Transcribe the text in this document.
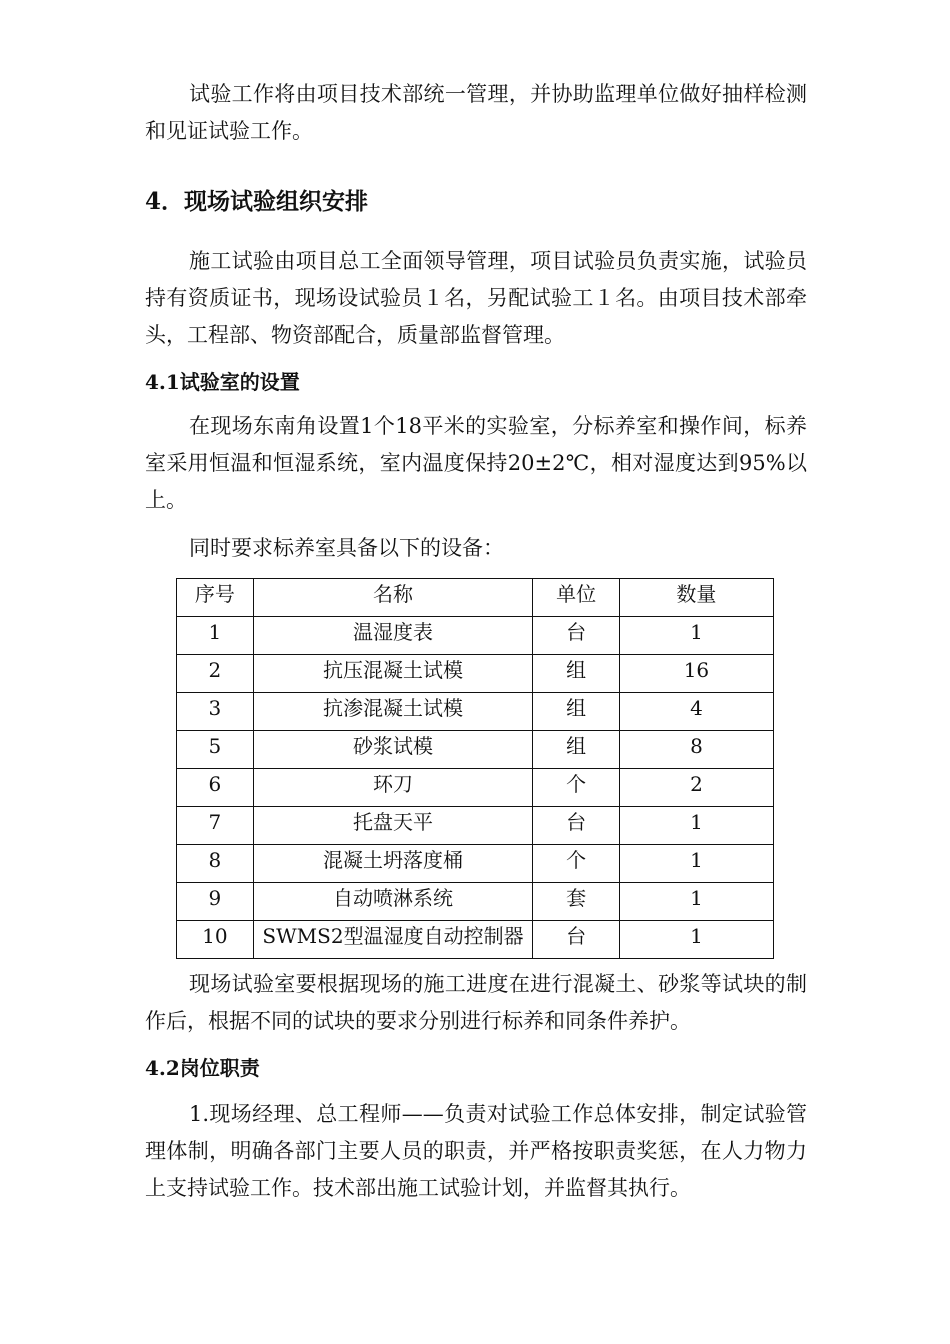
试验工作将由项目技术部统一管理，并协助监理单位做好抽样检测和见证试验工作。

4．现场试验组织安排

施工试验由项目总工全面领导管理，项目试验员负责实施，试验员持有资质证书，现场设试验员１名，另配试验工１名。由项目技术部牵头，工程部、物资部配合，质量部监督管理。

4.1试验室的设置

在现场东南角设置1个18平米的实验室，分标养室和操作间，标养室采用恒温和恒湿系统，室内温度保持20±2℃，相对湿度达到95%以上。

同时要求标养室具备以下的设备：

序号	名称	单位	数量
1	温湿度表	台	1
2	抗压混凝土试模	组	16
3	抗渗混凝土试模	组	4
5	砂浆试模	组	8
6	环刀	个	2
7	托盘天平	台	1
8	混凝土坍落度桶	个	1
9	自动喷淋系统	套	1
10	SWMS2型温湿度自动控制器	台	1

现场试验室要根据现场的施工进度在进行混凝土、砂浆等试块的制作后，根据不同的试块的要求分别进行标养和同条件养护。

4.2岗位职责

1.现场经理、总工程师——负责对试验工作总体安排，制定试验管理体制，明确各部门主要人员的职责，并严格按职责奖惩，在人力物力上支持试验工作。技术部出施工试验计划，并监督其执行。
